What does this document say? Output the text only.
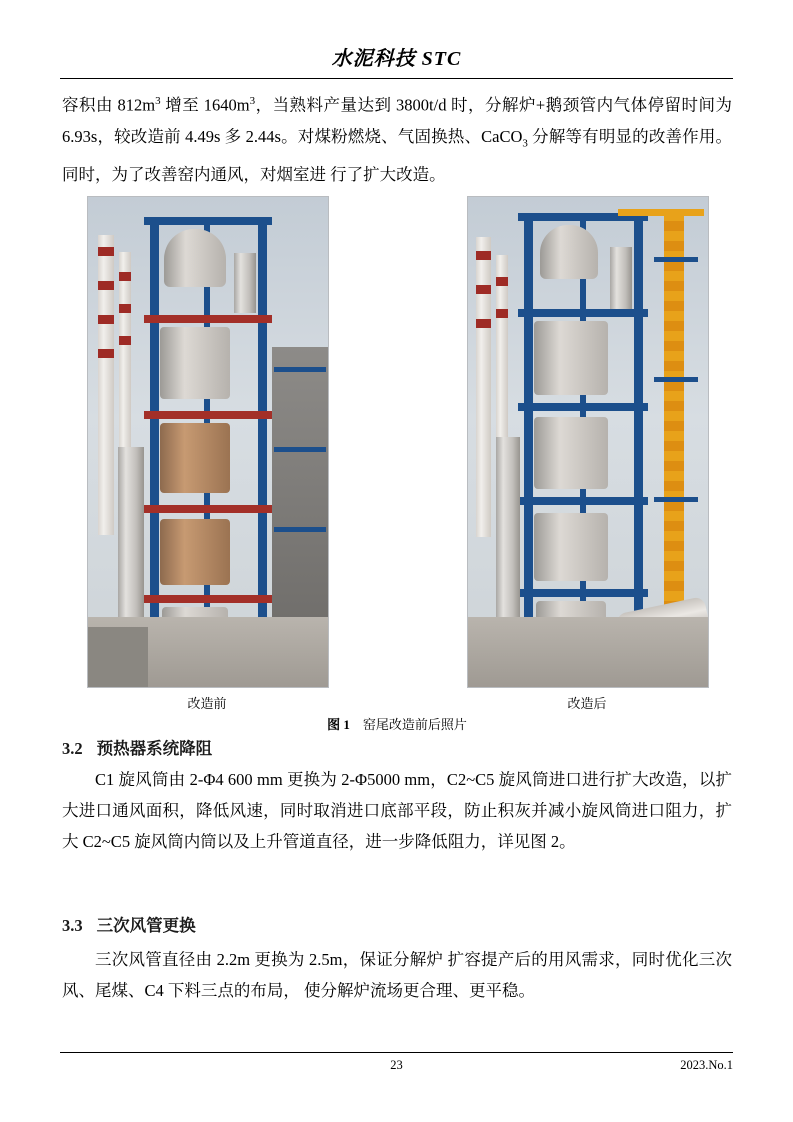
水泥科技 STC

容积由 $812m^3$ 增至 $1640m^3$，当熟料产量达到 3800t/d 时，分解炉+鹅颈管内气体停留时间为 6.93s，较改造前 4.49s 多 2.44s。对煤粉燃烧、气固换热、CaCO$_3$ 分解等有明显的改善作用。同时，为了改善窑内通风，对烟室进 行了扩大改造。

改造前	改造后
图 1 窑尾改造前后照片
3.2 预热器系统降阻

C1 旋风筒由 2-Φ4 600 mm 更换为 2-Φ5000 mm，C2~C5 旋风筒进口进行扩大改造，以扩大进口通风面积，降低风速，同时取消进口底部平段，防止积灰并减小旋风筒进口阻力，扩大 C2~C5 旋风筒内筒以及上升管道直径，进一步降低阻力，详见图 2。

3.3 三次风管更换

三次风管直径由 2.2m 更换为 2.5m，保证分解炉 扩容提产后的用风需求，同时优化三次风、尾煤、C4 下料三点的布局， 使分解炉流场更合理、更平稳。

23	2023.No.1
